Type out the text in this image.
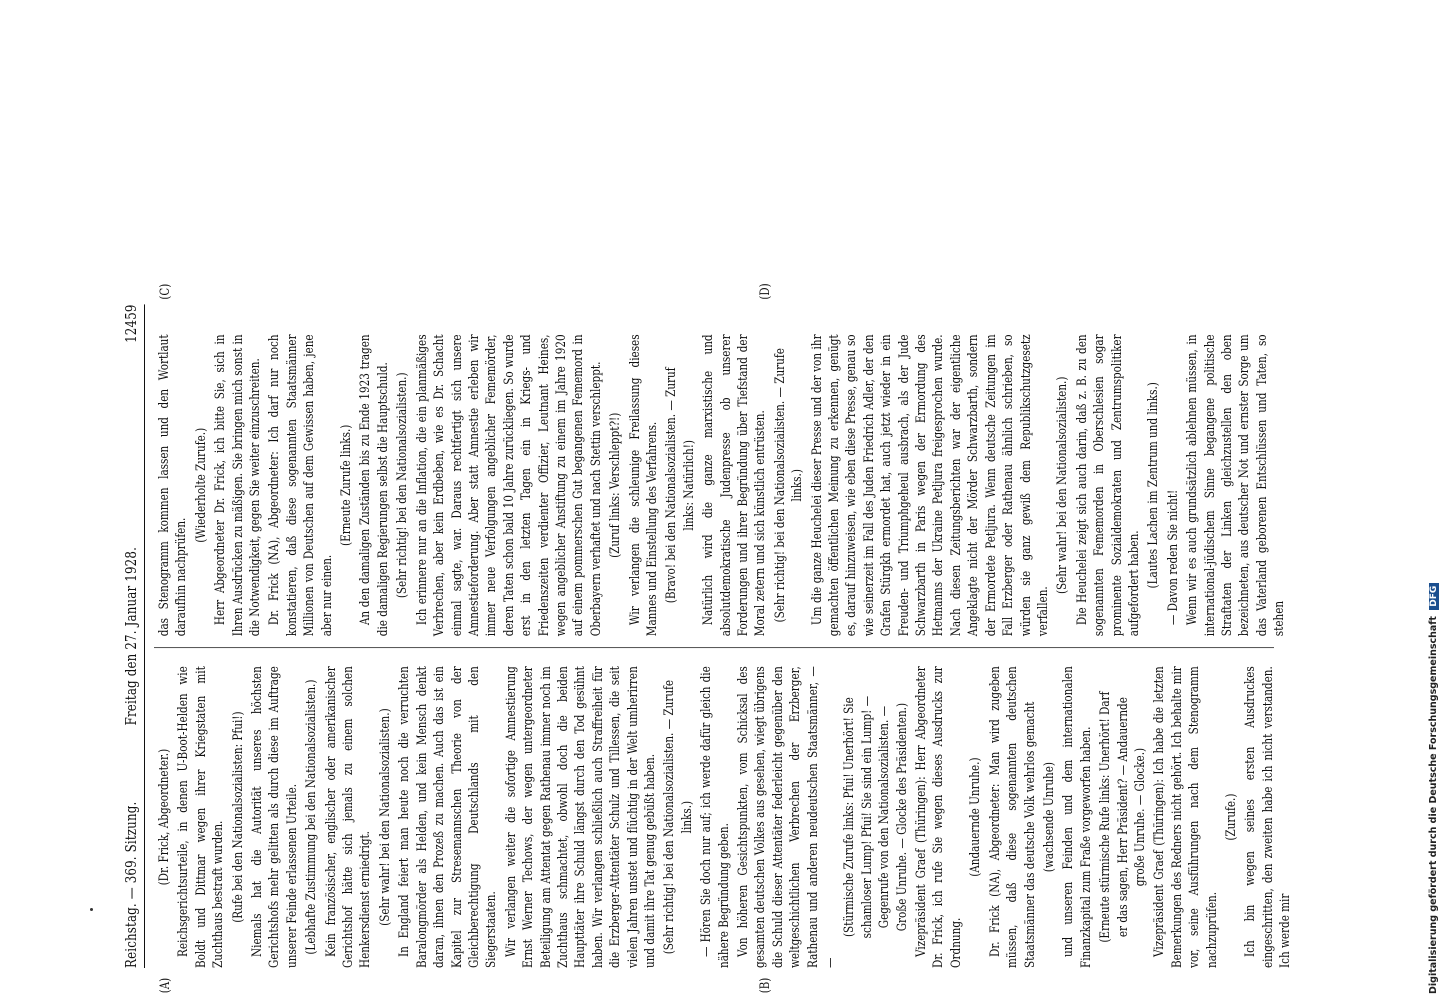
Reichstag. — 369. Sitzung.
Freitag den 27. Januar 1928.
12459

(Dr. Frick, Abgeordneter.) Reichsgerichtsurteile, in denen U-Boot-Helden wie Boldt und Dittmar wegen ihrer Kriegstaten mit Zuchthaus bestraft wurden. (Rufe bei den Nationalsozialisten: Pfui!) Niemals hat die Autorität unseres höchsten Gerichtshofs mehr gelitten als durch diese im Auftrage unserer Feinde erlassenen Urteile. (Lebhafte Zustimmung bei den Nationalsozialisten.) Kein französischer, englischer oder amerikanischer Gerichtshof hätte sich jemals zu einem solchen Henkersdienst erniedrigt. (Sehr wahr! bei den Nationalsozialisten.) In England feiert man heute noch die verruchten Baralongmörder als Helden, und kein Mensch denkt daran, ihnen den Prozeß zu machen. Auch das ist ein Kapitel zur Stresemannschen Theorie von der Gleichberechtigung Deutschlands mit den Siegerstaaten. Wir verlangen weiter die sofortige Amnestierung Ernst Werner Techows, der wegen untergeordneter Beteiligung am Attentat gegen Rathenau immer noch im Zuchthaus schmachtet, obwohl doch die beiden Haupttäter ihre Schuld längst durch den Tod gesühnt haben. Wir verlangen schließlich auch Straffreiheit für die Erzberger-Attentäter Schulz und Tillessen, die seit vielen Jahren unstet und flüchtig in der Welt umherirren und damit ihre Tat genug gebüßt haben. (Sehr richtig! bei den Nationalsozialisten. — Zurufe links.) — Hören Sie doch nur auf; ich werde dafür gleich die nähere Begründung geben. Von höheren Gesichtspunkten, vom Schicksal des gesamten deutschen Volkes aus gesehen, wiegt übrigens die Schuld dieser Attentäter federleicht gegenüber den weltgeschichtlichen Verbrechen der Erzberger, Rathenau und anderen neudeutschen Staatsmänner, — —

(Stürmische Zurufe links: Pfui! Unerhört! Sie schamloser Lump! Pfui! Sie sind ein Lump! — Gegenrufe von den Nationalsozialisten. — Große Unruhe. — Glocke des Präsidenten.) Vizepräsident Graef (Thüringen): Herr Abgeordneter Dr. Frick, ich rufe Sie wegen dieses Ausdrucks zur Ordnung.

(Andauernde Unruhe.) Dr. Frick (NA), Abgeordneter: Man wird zugeben müssen, daß diese sogenannten deutschen Staatsmänner das deutsche Volk wehrlos gemacht (wachsende Unruhe) und unseren Feinden und dem internationalen Finanzkapital zum Fraße vorgeworfen haben. (Erneute stürmische Rufe links: Unerhört! Darf er das sagen, Herr Präsident? — Andauernde große Unruhe. — Glocke.) Vizepräsident Graef (Thüringen): Ich habe die letzten Bemerkungen des Redners nicht gehört. Ich behalte mir vor, seine Ausführungen nach dem Stenogramm nachzuprüfen.

(Zurufe.) Ich bin wegen seines ersten Ausdruckes eingeschritten, den zweiten habe ich nicht verstanden. Ich werde mir

das Stenogramm kommen lassen und den Wortlaut daraufhin nachprüfen.

(Wiederholte Zurufe.) Herr Abgeordneter Dr. Frick, ich bitte Sie, sich in Ihren Ausdrücken zu mäßigen. Sie bringen mich sonst in die Notwendigkeit, gegen Sie weiter einzuschreiten. Dr. Frick (NA), Abgeordneter: Ich darf nur noch konstatieren, daß diese sogenannten Staatsmänner Millionen von Deutschen auf dem Gewissen haben, jene aber nur einen.

(Erneute Zurufe links.) An den damaligen Zuständen bis zu Ende 1923 tragen die damaligen Regierungen selbst die Hauptschuld. (Sehr richtig! bei den Nationalsozialisten.) Ich erinnere nur an die Inflation, die ein planmäßiges Verbrechen, aber kein Erdbeben, wie es Dr. Schacht einmal sagte, war. Daraus rechtfertigt sich unsere Amnestieforderung. Aber statt Amnestie erleben wir immer neue Verfolgungen angeblicher Fememörder, deren Taten schon bald 10 Jahre zurückliegen. So wurde erst in den letzten Tagen ein in Kriegs- und Friedenszeiten verdienter Offizier, Leutnant Heines, wegen angeblicher Anstiftung zu einem im Jahre 1920 auf einem pommerschen Gut begangenen Fememord in Oberbayern verhaftet und nach Stettin verschleppt. (Zuruf links: Verschleppt?!) Wir verlangen die schleunige Freilassung dieses Mannes und Einstellung des Verfahrens. (Bravo! bei den Nationalsozialisten. — Zuruf links: Natürlich!) Natürlich wird die ganze marxistische und absolutdemokratische Judenpresse ob unserer Forderungen und ihrer Begründung über Tiefstand der Moral zetern und sich künstlich entrüsten. (Sehr richtig! bei den Nationalsozialisten. — Zurufe links.) Um die ganze Heuchelei dieser Presse und der von ihr gemachten öffentlichen Meinung zu erkennen, genügt es, darauf hinzuweisen, wie eben diese Presse, genau so wie seinerzeit im Fall des Juden Friedrich Adler, der den Grafen Stürgkh ermordet hat, auch jetzt wieder in ein Freuden- und Triumphgeheul ausbrach, als der Jude Schwarzbarth in Paris wegen der Ermordung des Hetmanns der Ukraine Petljura freigesprochen wurde. Nach diesen Zeitungsberichten war der eigentliche Angeklagte nicht der Mörder Schwarzbarth, sondern der Ermordete Petljura. Wenn deutsche Zeitungen im Fall Erzberger oder Rathenau ähnlich schrieben, so würden sie ganz gewiß dem Republikschutzgesetz verfallen.

(Sehr wahr! bei den Nationalsozialisten.) Die Heuchelei zeigt sich auch darin, daß z. B. zu den sogenannten Fememorden in Oberschlesien sogar prominente Sozialdemokraten und Zentrumspolitiker aufgefordert haben. (Lautes Lachen im Zentrum und links.) — Davon reden Sie nicht! Wenn wir es auch grundsätzlich ablehnen müssen, in international-jüdischem Sinne begangene politische Straftaten der Linken gleichzustellen den oben bezeichneten, aus deutscher Not und ernster Sorge um das Vaterland geborenen Entschlüssen und Taten, so stehen

(A)	(B)
(C)	(D)
Digitalisierung gefördert durch die Deutsche Forschungsgemeinschaft DFG
